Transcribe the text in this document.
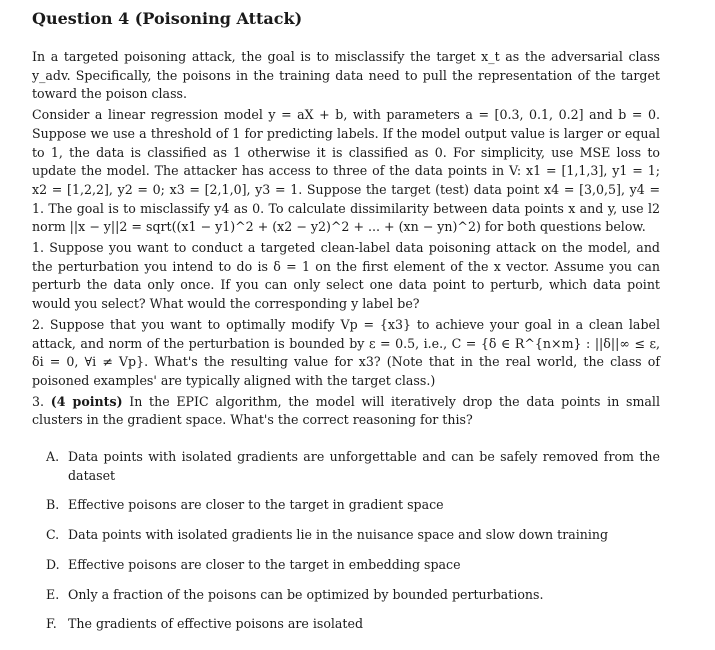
Question 4 (Poisoning Attack)

In a targeted poisoning attack, the goal is to misclassify the target x_t as the adversarial class y_adv. Specifically, the poisons in the training data need to pull the representation of the target toward the poison class.

Consider a linear regression model y = aX + b, with parameters a = [0.3, 0.1, 0.2] and b = 0. Suppose we use a threshold of 1 for predicting labels. If the model output value is larger or equal to 1, the data is classified as 1 otherwise it is classified as 0. For simplicity, use MSE loss to update the model. The attacker has access to three of the data points in V: x1 = [1,1,3], y1 = 1; x2 = [1,2,2], y2 = 0; x3 = [2,1,0], y3 = 1. Suppose the target (test) data point x4 = [3,0,5], y4 = 1. The goal is to misclassify y4 as 0. To calculate dissimilarity between data points x and y, use l2 norm ||x − y||2 = sqrt((x1 − y1)^2 + (x2 − y2)^2 + ... + (xn − yn)^2) for both questions below.

1. Suppose you want to conduct a targeted clean-label data poisoning attack on the model, and the perturbation you intend to do is δ = 1 on the first element of the x vector. Assume you can perturb the data only once. If you can only select one data point to perturb, which data point would you select? What would the corresponding y label be?

2. Suppose that you want to optimally modify Vp = {x3} to achieve your goal in a clean label attack, and norm of the perturbation is bounded by ε = 0.5, i.e., C = {δ ∈ R^{n×m} : ||δ||∞ ≤ ε, δi = 0, ∀i ≠ Vp}. What's the resulting value for x3? (Note that in the real world, the class of poisoned examples' are typically aligned with the target class.)

3. (4 points) In the EPIC algorithm, the model will iteratively drop the data points in small clusters in the gradient space. What's the correct reasoning for this?

A. Data points with isolated gradients are unforgettable and can be safely removed from the dataset
B. Effective poisons are closer to the target in gradient space
C. Data points with isolated gradients lie in the nuisance space and slow down training
D. Effective poisons are closer to the target in embedding space
E. Only a fraction of the poisons can be optimized by bounded perturbations.
F. The gradients of effective poisons are isolated
